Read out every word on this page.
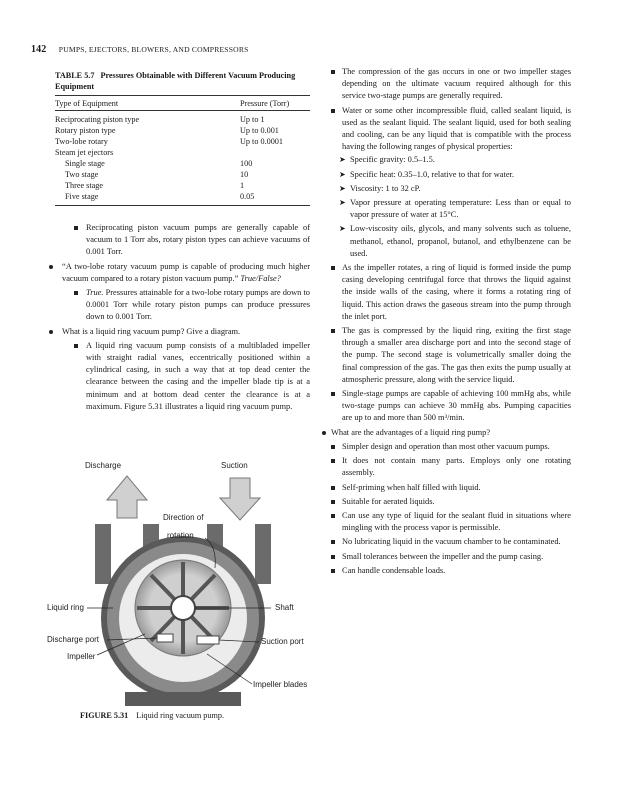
142 PUMPS, EJECTORS, BLOWERS, AND COMPRESSORS
TABLE 5.7 Pressures Obtainable with Different Vacuum Producing Equipment
Type of Equipment	Pressure (Torr)
Reciprocating piston type	Up to 1
Rotary piston type	Up to 0.001
Two-lobe rotary	Up to 0.0001
Steam jet ejectors	
Single stage	100
Two stage	10
Three stage	1
Five stage	0.05
Reciprocating piston vacuum pumps are generally capable of vacuum to 1 Torr abs, rotary piston types can achieve vacuums of 0.001 Torr.
“A two-lobe rotary vacuum pump is capable of producing much higher vacuum compared to a rotary piston vacuum pump.” True/False?
True. Pressures attainable for a two-lobe rotary pumps are down to 0.0001 Torr while rotary piston pumps can produce pressures down to 0.001 Torr.
What is a liquid ring vacuum pump? Give a diagram.
A liquid ring vacuum pump consists of a multibladed impeller with straight radial vanes, eccentrically positioned within a cylindrical casing, in such a way that at top dead center the clearance between the casing and the impeller blade tip is at a minimum and at bottom dead center the clearance is at a maximum. Figure 5.31 illustrates a liquid ring vacuum pump.
Discharge	Suction
Direction of
rotation
Liquid ring	Shaft
Discharge port	Suction port
Impeller
Impeller blades
FIGURE 5.31 Liquid ring vacuum pump.
The compression of the gas occurs in one or two impeller stages depending on the ultimate vacuum required although for this service two-stage pumps are generally required.
Water or some other incompressible fluid, called sealant liquid, is used as the sealant liquid. The sealant liquid, used for both sealing and cooling, can be any liquid that is compatible with the process having the following ranges of physical properties:
➤ Specific gravity: 0.5–1.5.
➤ Specific heat: 0.35–1.0, relative to that for water.
➤ Viscosity: 1 to 32 cP.
➤ Vapor pressure at operating temperature: Less than or equal to vapor pressure of water at 15°C.
➤ Low-viscosity oils, glycols, and many solvents such as toluene, methanol, ethanol, propanol, butanol, and ethylbenzene can be used.
As the impeller rotates, a ring of liquid is formed inside the pump casing developing centrifugal force that throws the liquid against the inside walls of the casing, where it forms a rotating ring of liquid. This action draws the gaseous stream into the pump through the inlet port.
The gas is compressed by the liquid ring, exiting the first stage through a smaller area discharge port and into the second stage of the pump. The second stage is volumetrically smaller doing the final compression of the gas. The gas then exits the pump usually at atmospheric pressure, along with the service liquid.
Single-stage pumps are capable of achieving 100 mmHg abs, while two-stage pumps can achieve 30 mmHg abs. Pumping capacities are up to and more than 500 m³/min.
What are the advantages of a liquid ring pump?
Simpler design and operation than most other vacuum pumps.
It does not contain many parts. Employs only one rotating assembly.
Self-priming when half filled with liquid.
Suitable for aerated liquids.
Can use any type of liquid for the sealant fluid in situations where mingling with the process vapor is permissible.
No lubricating liquid in the vacuum chamber to be contaminated.
Small tolerances between the impeller and the pump casing.
Can handle condensable loads.
